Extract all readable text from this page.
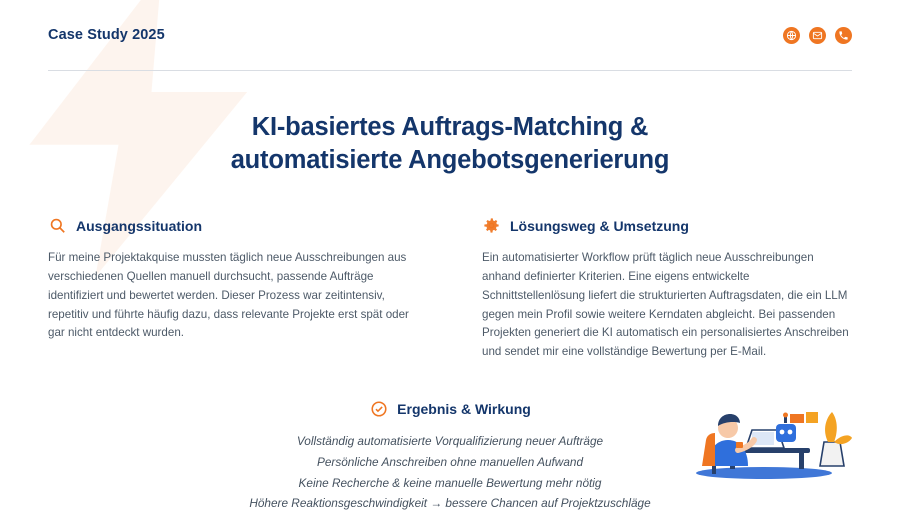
Case Study 2025
KI-basiertes Auftrags-Matching &
automatisierte Angebotsgenerierung
Ausgangssituation

Für meine Projektakquise mussten täglich neue Ausschreibungen aus verschiedenen Quellen manuell durchsucht, passende Aufträge identifiziert und bewertet werden. Dieser Prozess war zeitintensiv, repetitiv und führte häufig dazu, dass relevante Projekte erst spät oder gar nicht entdeckt wurden.

Lösungsweg & Umsetzung

Ein automatisierter Workflow prüft täglich neue Ausschreibungen anhand definierter Kriterien. Eine eigens entwickelte Schnittstellenlösung liefert die strukturierten Auftragsdaten, die ein LLM gegen mein Profil sowie weitere Kerndaten abgleicht. Bei passenden Projekten generiert die KI automatisch ein personalisiertes Anschreiben und sendet mir eine vollständige Bewertung per E-Mail.

Ergebnis & Wirkung
Vollständig automatisierte Vorqualifizierung neuer Aufträge
Persönliche Anschreiben ohne manuellen Aufwand
Keine Recherche & keine manuelle Bewertung mehr nötig
Höhere Reaktionsgeschwindigkeit → bessere Chancen auf Projektzuschläge
